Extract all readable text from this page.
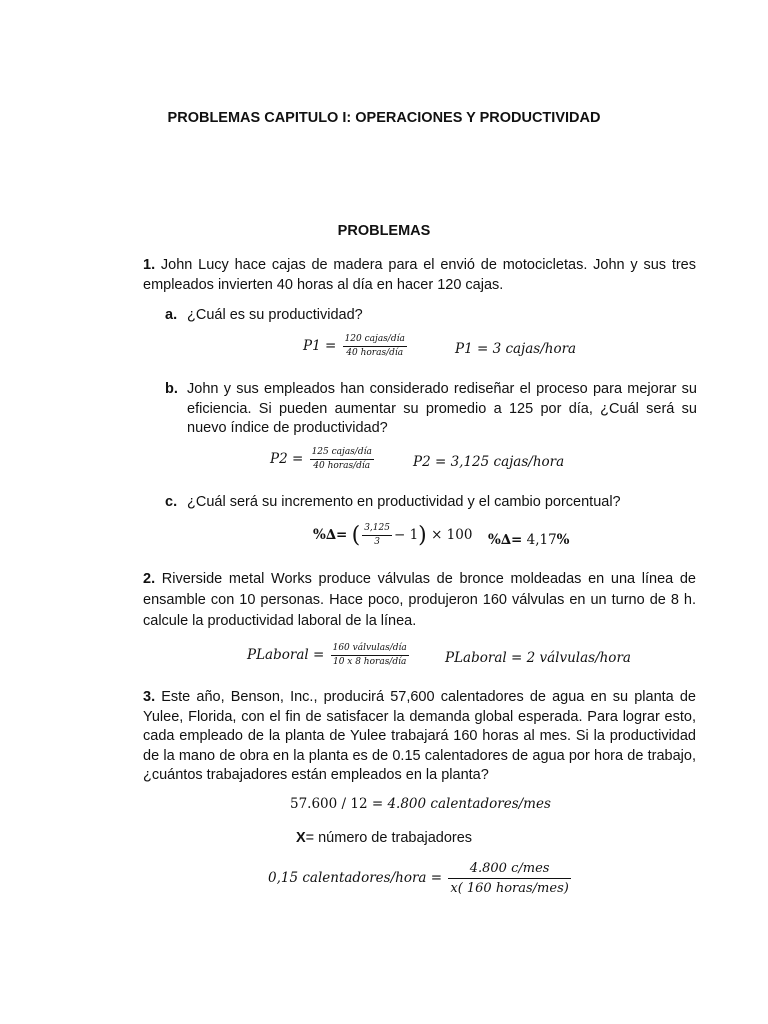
PROBLEMAS CAPITULO I: OPERACIONES Y PRODUCTIVIDAD
PROBLEMAS
1. John Lucy hace cajas de madera para el envió de motocicletas. John y sus tres empleados invierten 40 horas al día en hacer 120 cajas.
a. ¿Cuál es su productividad?
$P1 = \frac{\text{120 cajas/día}}{\text{40 horas/día}}$	P1 = 3 cajas/hora
b. John y sus empleados han considerado rediseñar el proceso para mejorar su eficiencia. Si pueden aumentar su promedio a 125 por día, ¿Cuál será su nuevo índice de productividad?
$P2 = \frac{\text{125 cajas/día}}{\text{40 horas/día}}$	P2 = 3,125 cajas/hora
c. ¿Cuál será su incremento en productividad y el cambio porcentual?
%∆= ( $\frac{3,125}{3} - 1) \times 100$ %∆= 4,17%
2. Riverside metal Works produce válvulas de bronce moldeadas en una línea de ensamble con 10 personas. Hace poco, produjeron 160 válvulas en un turno de 8 h. calcule la productividad laboral de la línea.
PLaboral = $\frac{\text{160 válvulas/día}}{\text{10 x 8 horas/día}}$	PLaboral = 2 válvulas/hora
3. Este año, Benson, Inc., producirá 57,600 calentadores de agua en su planta de Yulee, Florida, con el fin de satisfacer la demanda global esperada. Para lograr esto, cada empleado de la planta de Yulee trabajará 160 horas al mes. Si la productividad de la mano de obra en la planta es de 0.15 calentadores de agua por hora de trabajo, ¿cuántos trabajadores están empleados en la planta?
57.600 / 12 = 4.800 calentadores/mes
X= número de trabajadores
0,15 calentadores/hora = $\frac{\text{4.800 c/mes}}{\text{x( 160 horas/mes)}}$
